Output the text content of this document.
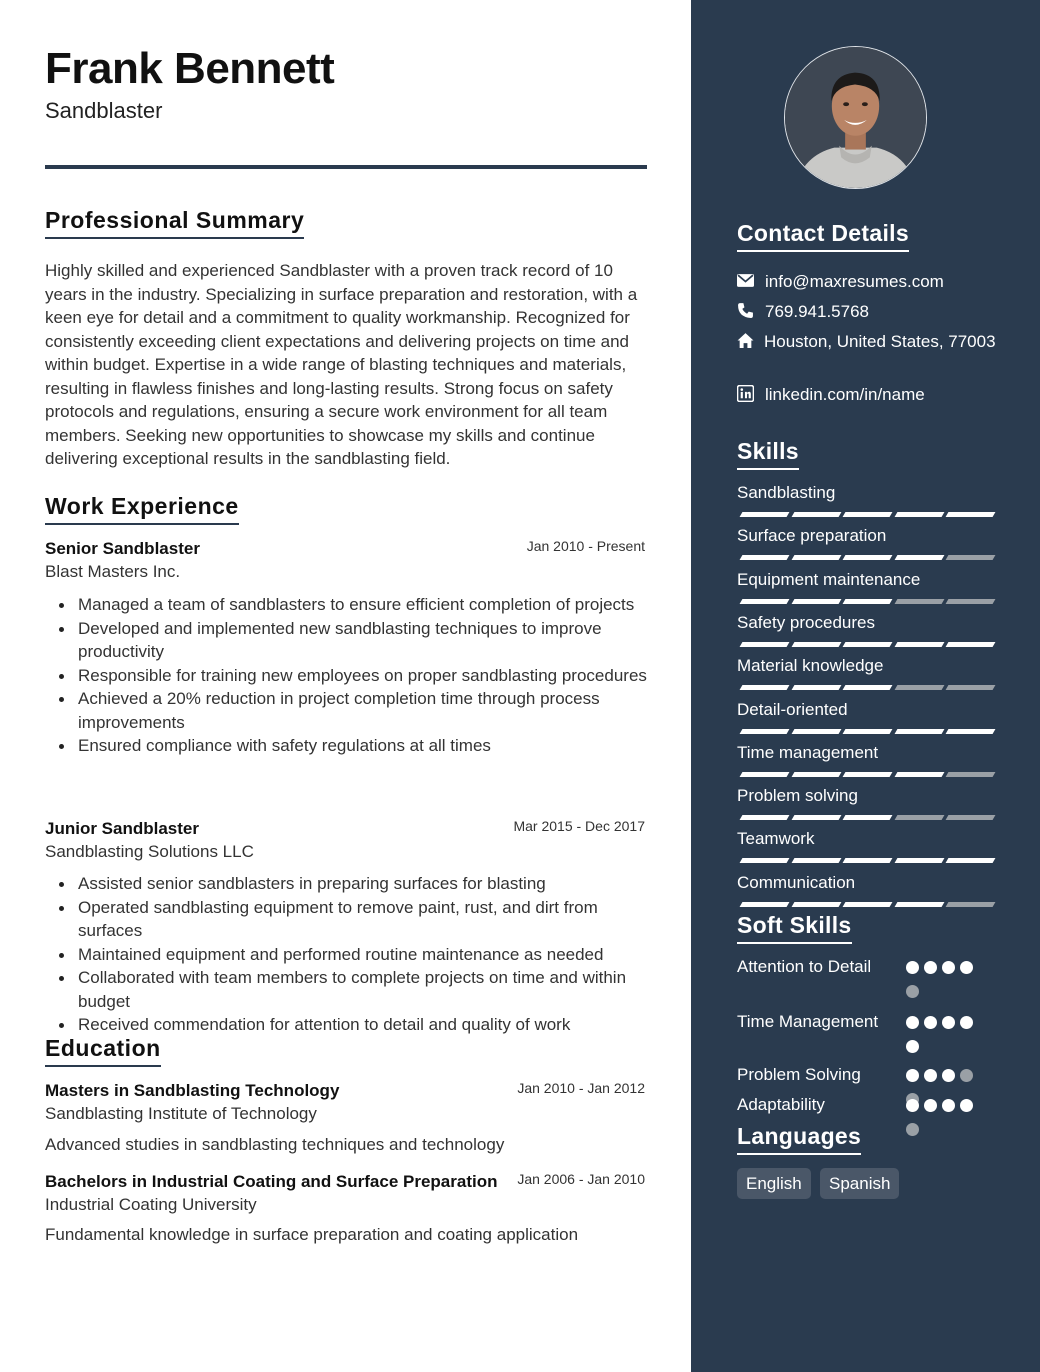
Frank Bennett
Sandblaster
Professional Summary

Highly skilled and experienced Sandblaster with a proven track record of 10 years in the industry. Specializing in surface preparation and restoration, with a keen eye for detail and a commitment to quality workmanship. Recognized for consistently exceeding client expectations and delivering projects on time and within budget. Expertise in a wide range of blasting techniques and materials, resulting in flawless finishes and long-lasting results. Strong focus on safety protocols and regulations, ensuring a secure work environment for all team members. Seeking new opportunities to showcase my skills and continue delivering exceptional results in the sandblasting field.

Work Experience
Senior Sandblaster	Jan 2010 - Present
Blast Masters Inc.
Managed a team of sandblasters to ensure efficient completion of projects
Developed and implemented new sandblasting techniques to improve productivity
Responsible for training new employees on proper sandblasting procedures
Achieved a 20% reduction in project completion time through process improvements
Ensured compliance with safety regulations at all times
Junior Sandblaster	Mar 2015 - Dec 2017
Sandblasting Solutions LLC
Assisted senior sandblasters in preparing surfaces for blasting
Operated sandblasting equipment to remove paint, rust, and dirt from surfaces
Maintained equipment and performed routine maintenance as needed
Collaborated with team members to complete projects on time and within budget
Received commendation for attention to detail and quality of work
Education
Masters in Sandblasting Technology	Jan 2010 - Jan 2012
Sandblasting Institute of Technology
Advanced studies in sandblasting techniques and technology
Bachelors in Industrial Coating and Surface Preparation Jan 2006 - Jan 2010
Industrial Coating University
Fundamental knowledge in surface preparation and coating application
Contact Details
info@maxresumes.com
769.941.5768
Houston, United States, 77003
linkedin.com/in/name
Skills
Sandblasting
Surface preparation
Equipment maintenance
Safety procedures
Material knowledge
Detail-oriented
Time management
Problem solving
Teamwork
Communication
Soft Skills
Attention to Detail
Time Management
Problem Solving
Adaptability
Languages
English	Spanish
